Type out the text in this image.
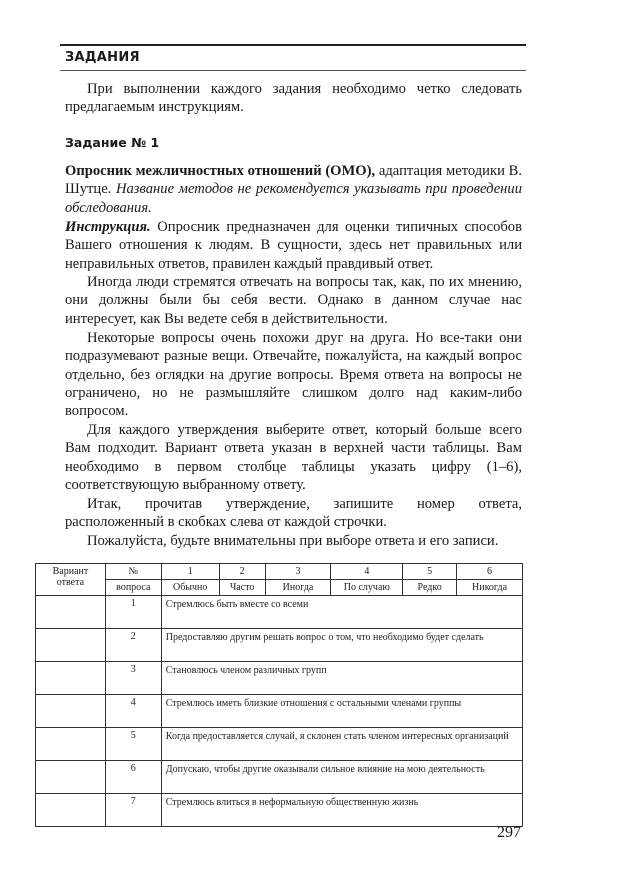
ЗАДАНИЯ

При выполнении каждого задания необходимо четко следовать предлагаемым инструкциям.

Задание № 1

Опросник межличностных отношений (ОМО), адаптация методики В. Шутце. Название методов не рекомендуется указывать при проведении обследования.

Инструкция. Опросник предназначен для оценки типичных способов Вашего отношения к людям. В сущности, здесь нет правильных или неправильных ответов, правилен каждый правдивый ответ.

Иногда люди стремятся отвечать на вопросы так, как, по их мнению, они должны были бы себя вести. Однако в данном случае нас интересует, как Вы ведете себя в действительности.

Некоторые вопросы очень похожи друг на друга. Но все-таки они подразумевают разные вещи. Отвечайте, пожалуйста, на каждый вопрос отдельно, без оглядки на другие вопросы. Время ответа на вопросы не ограничено, но не размышляйте слишком долго над каким-либо вопросом.

Для каждого утверждения выберите ответ, который больше всего Вам подходит. Вариант ответа указан в верхней части таблицы. Вам необходимо в первом столбце таблицы указать цифру (1–6), соответствующую выбранному ответу.

Итак, прочитав утверждение, запишите номер ответа, расположенный в скобках слева от каждой строчки.

Пожалуйста, будьте внимательны при выборе ответа и его записи.

Вариант
ответа	№	1	2	3	4	5	6
	вопроса	Обычно	Часто	Иногда	По случаю	Редко	Никогда
	1	Стремлюсь быть вместе со всеми					
	2	Предоставляю другим решать вопрос о том, что необходимо будет сделать					
	3	Становлюсь членом различных групп					
	4	Стремлюсь иметь близкие отношения с остальными членами группы					
	5	Когда предоставляется случай, я склонен стать членом интересных организаций					
	6	Допускаю, чтобы другие оказывали сильное влияние на мою деятельность					
	7	Стремлюсь влиться в неформальную общественную жизнь					
297
